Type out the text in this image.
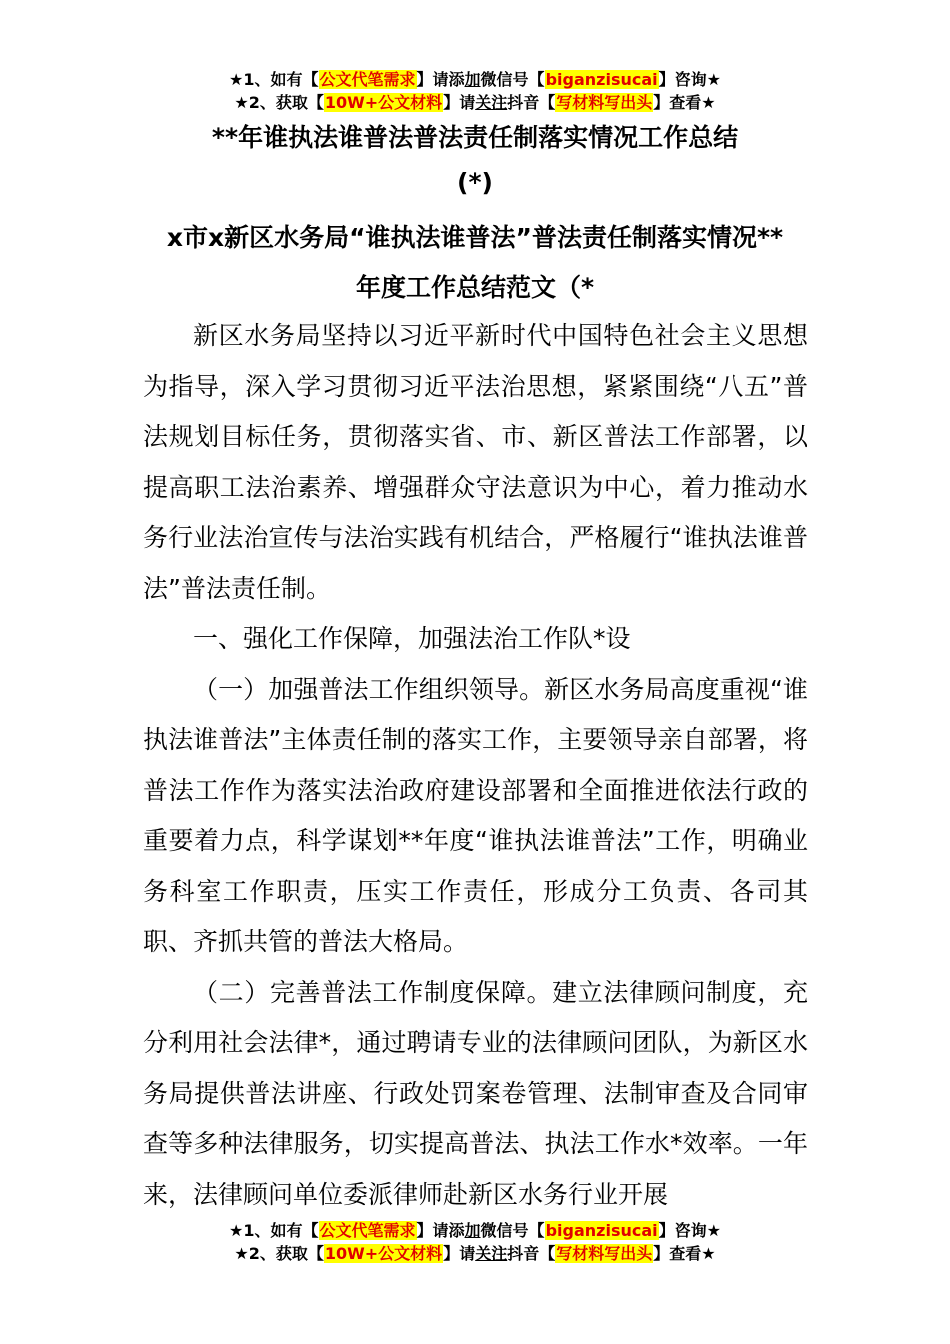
★1、如有【公文代笔需求】请添加微信号【biganzisucai】咨询★
★2、获取【10W+公文材料】请关注抖音【写材料写出头】查看★
**年谁执法谁普法普法责任制落实情况工作总结
(*)
x市x新区水务局“谁执法谁普法”普法责任制落实情况**
年度工作总结范文（*

新区水务局坚持以习近平新时代中国特色社会主义思想为指导，深入学习贯彻习近平法治思想，紧紧围绕“八五”普法规划目标任务，贯彻落实省、市、新区普法工作部署，以提高职工法治素养、增强群众守法意识为中心，着力推动水务行业法治宣传与法治实践有机结合，严格履行“谁执法谁普法”普法责任制。

一、强化工作保障，加强法治工作队*设

（一）加强普法工作组织领导。新区水务局高度重视“谁执法谁普法”主体责任制的落实工作，主要领导亲自部署，将普法工作作为落实法治政府建设部署和全面推进依法行政的重要着力点，科学谋划**年度“谁执法谁普法”工作，明确业务科室工作职责，压实工作责任，形成分工负责、各司其职、齐抓共管的普法大格局。

（二）完善普法工作制度保障。建立法律顾问制度，充分利用社会法律*，通过聘请专业的法律顾问团队，为新区水务局提供普法讲座、行政处罚案卷管理、法制审查及合同审查等多种法律服务，切实提高普法、执法工作水*效率。一年来，法律顾问单位委派律师赴新区水务行业开展

★1、如有【公文代笔需求】请添加微信号【biganzisucai】咨询★
★2、获取【10W+公文材料】请关注抖音【写材料写出头】查看★
